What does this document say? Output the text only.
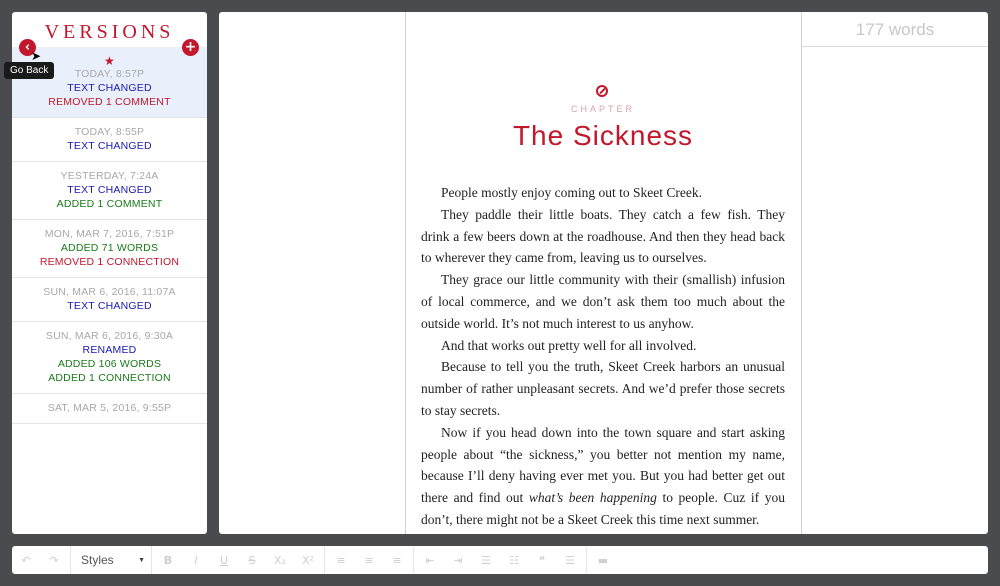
VERSIONS
★
TODAY, 8:57P
TEXT CHANGED
REMOVED 1 COMMENT
TODAY, 8:55P
TEXT CHANGED
YESTERDAY, 7:24A
TEXT CHANGED
ADDED 1 COMMENT
MON, MAR 7, 2016, 7:51P
ADDED 71 WORDS
REMOVED 1 CONNECTION
SUN, MAR 6, 2016, 11:07A
TEXT CHANGED
SUN, MAR 6, 2016, 9:30A
RENAMED
ADDED 106 WORDS
ADDED 1 CONNECTION
SAT, MAR 5, 2016, 9:55P
‹	+
➤
Go Back
177 words
CHAPTER
The Sickness

People mostly enjoy coming out to Skeet Creek.

They paddle their little boats. They catch a few fish. They drink a few beers down at the roadhouse. And then they head back to wherever they came from, leaving us to ourselves.

They grace our little community with their (smallish) infusion of local commerce, and we don’t ask them too much about the outside world. It’s not much interest to us anyhow.

And that works out pretty well for all involved.

Because to tell you the truth, Skeet Creek harbors an unusual number of rather unpleasant secrets. And we’d prefer those secrets to stay secrets.

Now if you head down into the town square and start asking people about “the sickness,” you better not mention my name, because I’ll deny having ever met you. But you had better get out there and find out what’s been happening to people. Cuz if you don’t, there might not be a Skeet Creek this time next summer.

↶	↷	Styles	▼	B	I	U	S	X₂	X²	≡	≡	≡	⇤	⇥	☰	☷	❝	☰	▬
